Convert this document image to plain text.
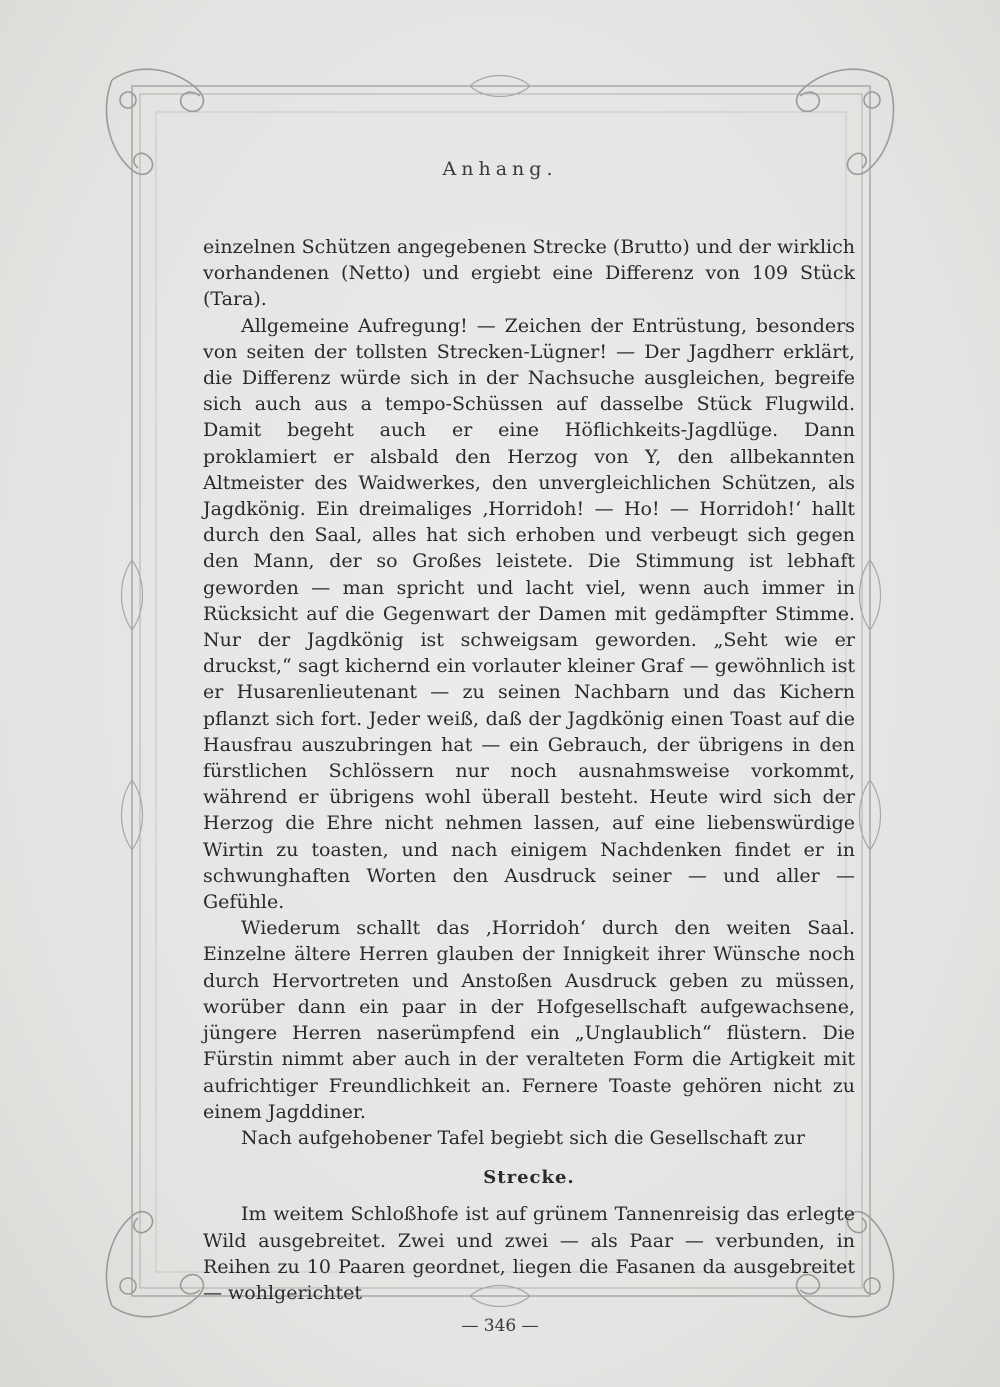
Anhang.

einzelnen Schützen angegebenen Strecke (Brutto) und der wirklich vorhandenen (Netto) und ergiebt eine Differenz von 109 Stück (Tara).

Allgemeine Aufregung! — Zeichen der Entrüstung, besonders von seiten der tollsten Strecken-Lügner! — Der Jagdherr erklärt, die Differenz würde sich in der Nachsuche ausgleichen, begreife sich auch aus a tempo-Schüssen auf dasselbe Stück Flugwild. Damit begeht auch er eine Höflichkeits-Jagdlüge. Dann proklamiert er alsbald den Herzog von Y, den allbekannten Altmeister des Waidwerkes, den unvergleichlichen Schützen, als Jagdkönig. Ein dreimaliges ‚Horridoh! — Ho! — Horridoh!‘ hallt durch den Saal, alles hat sich erhoben und verbeugt sich gegen den Mann, der so Großes leistete. Die Stimmung ist lebhaft geworden — man spricht und lacht viel, wenn auch immer in Rücksicht auf die Gegenwart der Damen mit gedämpfter Stimme. Nur der Jagdkönig ist schweigsam geworden. „Seht wie er druckst,“ sagt kichernd ein vorlauter kleiner Graf — gewöhnlich ist er Husarenlieutenant — zu seinen Nachbarn und das Kichern pflanzt sich fort. Jeder weiß, daß der Jagdkönig einen Toast auf die Hausfrau auszubringen hat — ein Gebrauch, der übrigens in den fürstlichen Schlössern nur noch ausnahmsweise vorkommt, während er übrigens wohl überall besteht. Heute wird sich der Herzog die Ehre nicht nehmen lassen, auf eine liebenswürdige Wirtin zu toasten, und nach einigem Nachdenken findet er in schwunghaften Worten den Ausdruck seiner — und aller — Gefühle.

Wiederum schallt das ‚Horridoh‘ durch den weiten Saal. Einzelne ältere Herren glauben der Innigkeit ihrer Wünsche noch durch Hervortreten und Anstoßen Ausdruck geben zu müssen, worüber dann ein paar in der Hofgesellschaft aufgewachsene, jüngere Herren naserümpfend ein „Unglaublich“ flüstern. Die Fürstin nimmt aber auch in der veralteten Form die Artigkeit mit aufrichtiger Freundlichkeit an. Fernere Toaste gehören nicht zu einem Jagddiner.

Nach aufgehobener Tafel begiebt sich die Gesellschaft zur

Strecke.

Im weitem Schloßhofe ist auf grünem Tannenreisig das erlegte Wild ausgebreitet. Zwei und zwei — als Paar — verbunden, in Reihen zu 10 Paaren geordnet, liegen die Fasanen da ausgebreitet — wohlgerichtet

— 346 —
